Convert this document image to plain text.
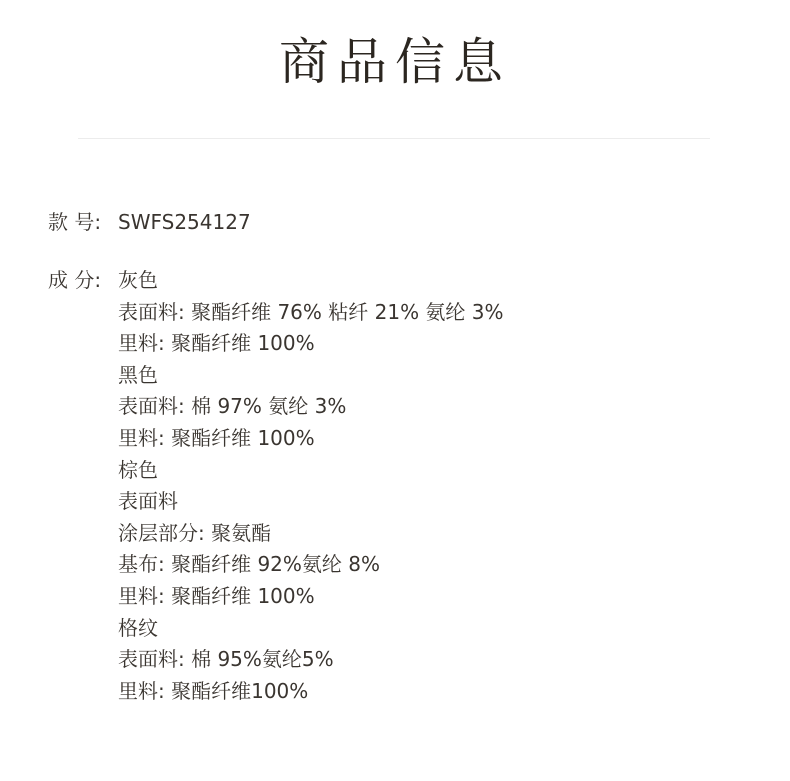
商品信息
款 号: SWFS254127
成 分: 灰色
表面料: 聚酯纤维 76% 粘纤 21% 氨纶 3%
里料: 聚酯纤维 100%
黑色
表面料: 棉 97% 氨纶 3%
里料: 聚酯纤维 100%
棕色
表面料
涂层部分: 聚氨酯
基布: 聚酯纤维 92%氨纶 8%
里料: 聚酯纤维 100%
格纹
表面料: 棉 95%氨纶5%
里料: 聚酯纤维100%
